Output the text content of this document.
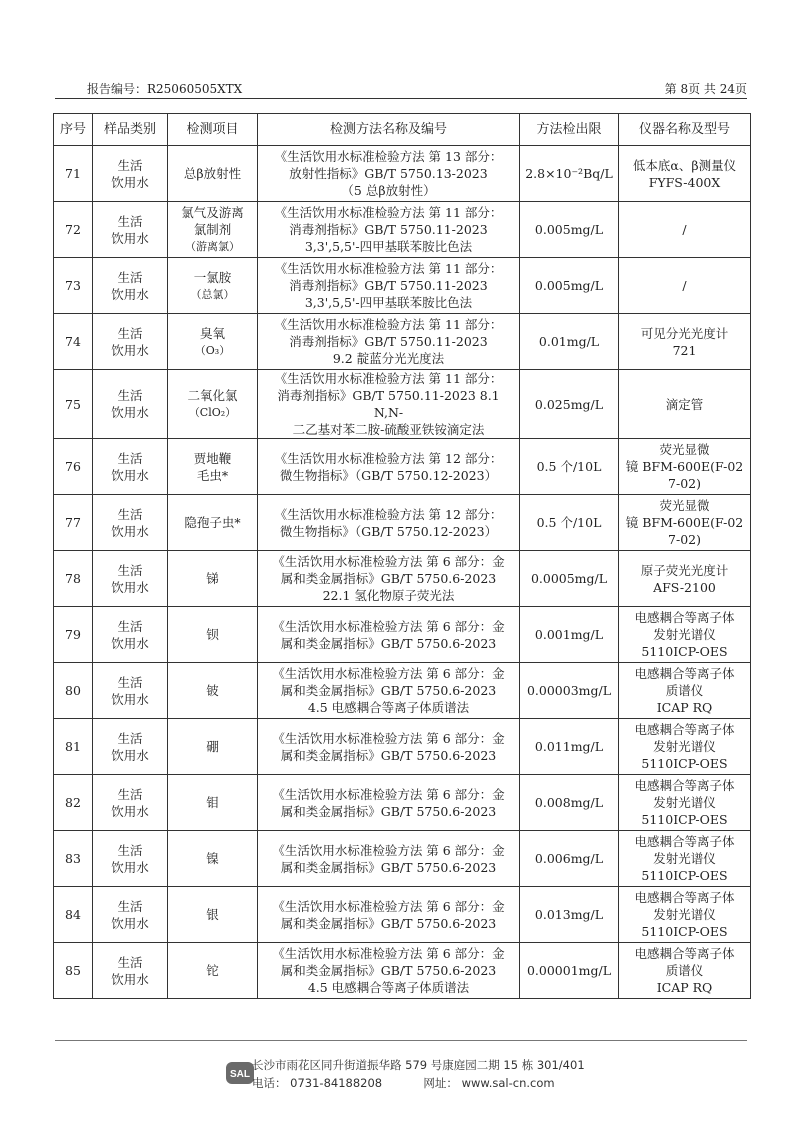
报告编号：R25060505XTX	第 8页 共 24页
序号	样品类别	检测项目	检测方法名称及编号	方法检出限	仪器名称及型号
71	生活
饮用水	总β放射性	《生活饮用水标准检验方法 第 13 部分：
放射性指标》GB/T 5750.13-2023
（5 总β放射性）	2.8×10⁻²Bq/L	低本底α、β测量仪
FYFS-400X

72	生活
饮用水	氯气及游离
氯制剂
（游离氯）	《生活饮用水标准检验方法 第 11 部分：
消毒剂指标》GB/T 5750.11-2023
3,3',5,5'-四甲基联苯胺比色法	0.005mg/L	/

73	生活
饮用水	一氯胺
（总氯）	《生活饮用水标准检验方法 第 11 部分：
消毒剂指标》GB/T 5750.11-2023
3,3',5,5'-四甲基联苯胺比色法	0.005mg/L	/

74	生活
饮用水	臭氧
（O₃）	《生活饮用水标准检验方法 第 11 部分：
消毒剂指标》GB/T 5750.11-2023
9.2 靛蓝分光光度法	0.01mg/L	可见分光光度计
721

75	生活
饮用水	二氧化氯
（ClO₂）	《生活饮用水标准检验方法 第 11 部分：
消毒剂指标》GB/T 5750.11-2023 8.1 N,N-
二乙基对苯二胺-硫酸亚铁铵滴定法	0.025mg/L	滴定管

76	生活
饮用水	贾地鞭
毛虫*	《生活饮用水标准检验方法 第 12 部分：
微生物指标》（GB/T 5750.12-2023）	0.5 个/10L	荧光显微
镜 BFM-600E(F-02
7-02)

77	生活
饮用水	隐孢子虫*	《生活饮用水标准检验方法 第 12 部分：
微生物指标》（GB/T 5750.12-2023）	0.5 个/10L	荧光显微
镜 BFM-600E(F-02
7-02)

78	生活
饮用水	锑	《生活饮用水标准检验方法 第 6 部分：金
属和类金属指标》GB/T 5750.6-2023
22.1 氢化物原子荧光法	0.0005mg/L	原子荧光光度计
AFS-2100

79	生活
饮用水	钡	《生活饮用水标准检验方法 第 6 部分：金
属和类金属指标》GB/T 5750.6-2023	0.001mg/L	电感耦合等离子体
发射光谱仪
5110ICP-OES

80	生活
饮用水	铍	《生活饮用水标准检验方法 第 6 部分：金
属和类金属指标》GB/T 5750.6-2023
4.5 电感耦合等离子体质谱法	0.00003mg/L	电感耦合等离子体
质谱仪
ICAP RQ

81	生活
饮用水	硼	《生活饮用水标准检验方法 第 6 部分：金
属和类金属指标》GB/T 5750.6-2023	0.011mg/L	电感耦合等离子体
发射光谱仪
5110ICP-OES

82	生活
饮用水	钼	《生活饮用水标准检验方法 第 6 部分：金
属和类金属指标》GB/T 5750.6-2023	0.008mg/L	电感耦合等离子体
发射光谱仪
5110ICP-OES

83	生活
饮用水	镍	《生活饮用水标准检验方法 第 6 部分：金
属和类金属指标》GB/T 5750.6-2023	0.006mg/L	电感耦合等离子体
发射光谱仪
5110ICP-OES

84	生活
饮用水	银	《生活饮用水标准检验方法 第 6 部分：金
属和类金属指标》GB/T 5750.6-2023	0.013mg/L	电感耦合等离子体
发射光谱仪
5110ICP-OES

85	生活
饮用水	铊	《生活饮用水标准检验方法 第 6 部分：金
属和类金属指标》GB/T 5750.6-2023
4.5 电感耦合等离子体质谱法	0.00001mg/L	电感耦合等离子体
质谱仪
ICAP RQ
SAL
长沙市雨花区同升街道振华路 579 号康庭园二期 15 栋 301/401
电话： 0731-84188208	网址： www.sal-cn.com
